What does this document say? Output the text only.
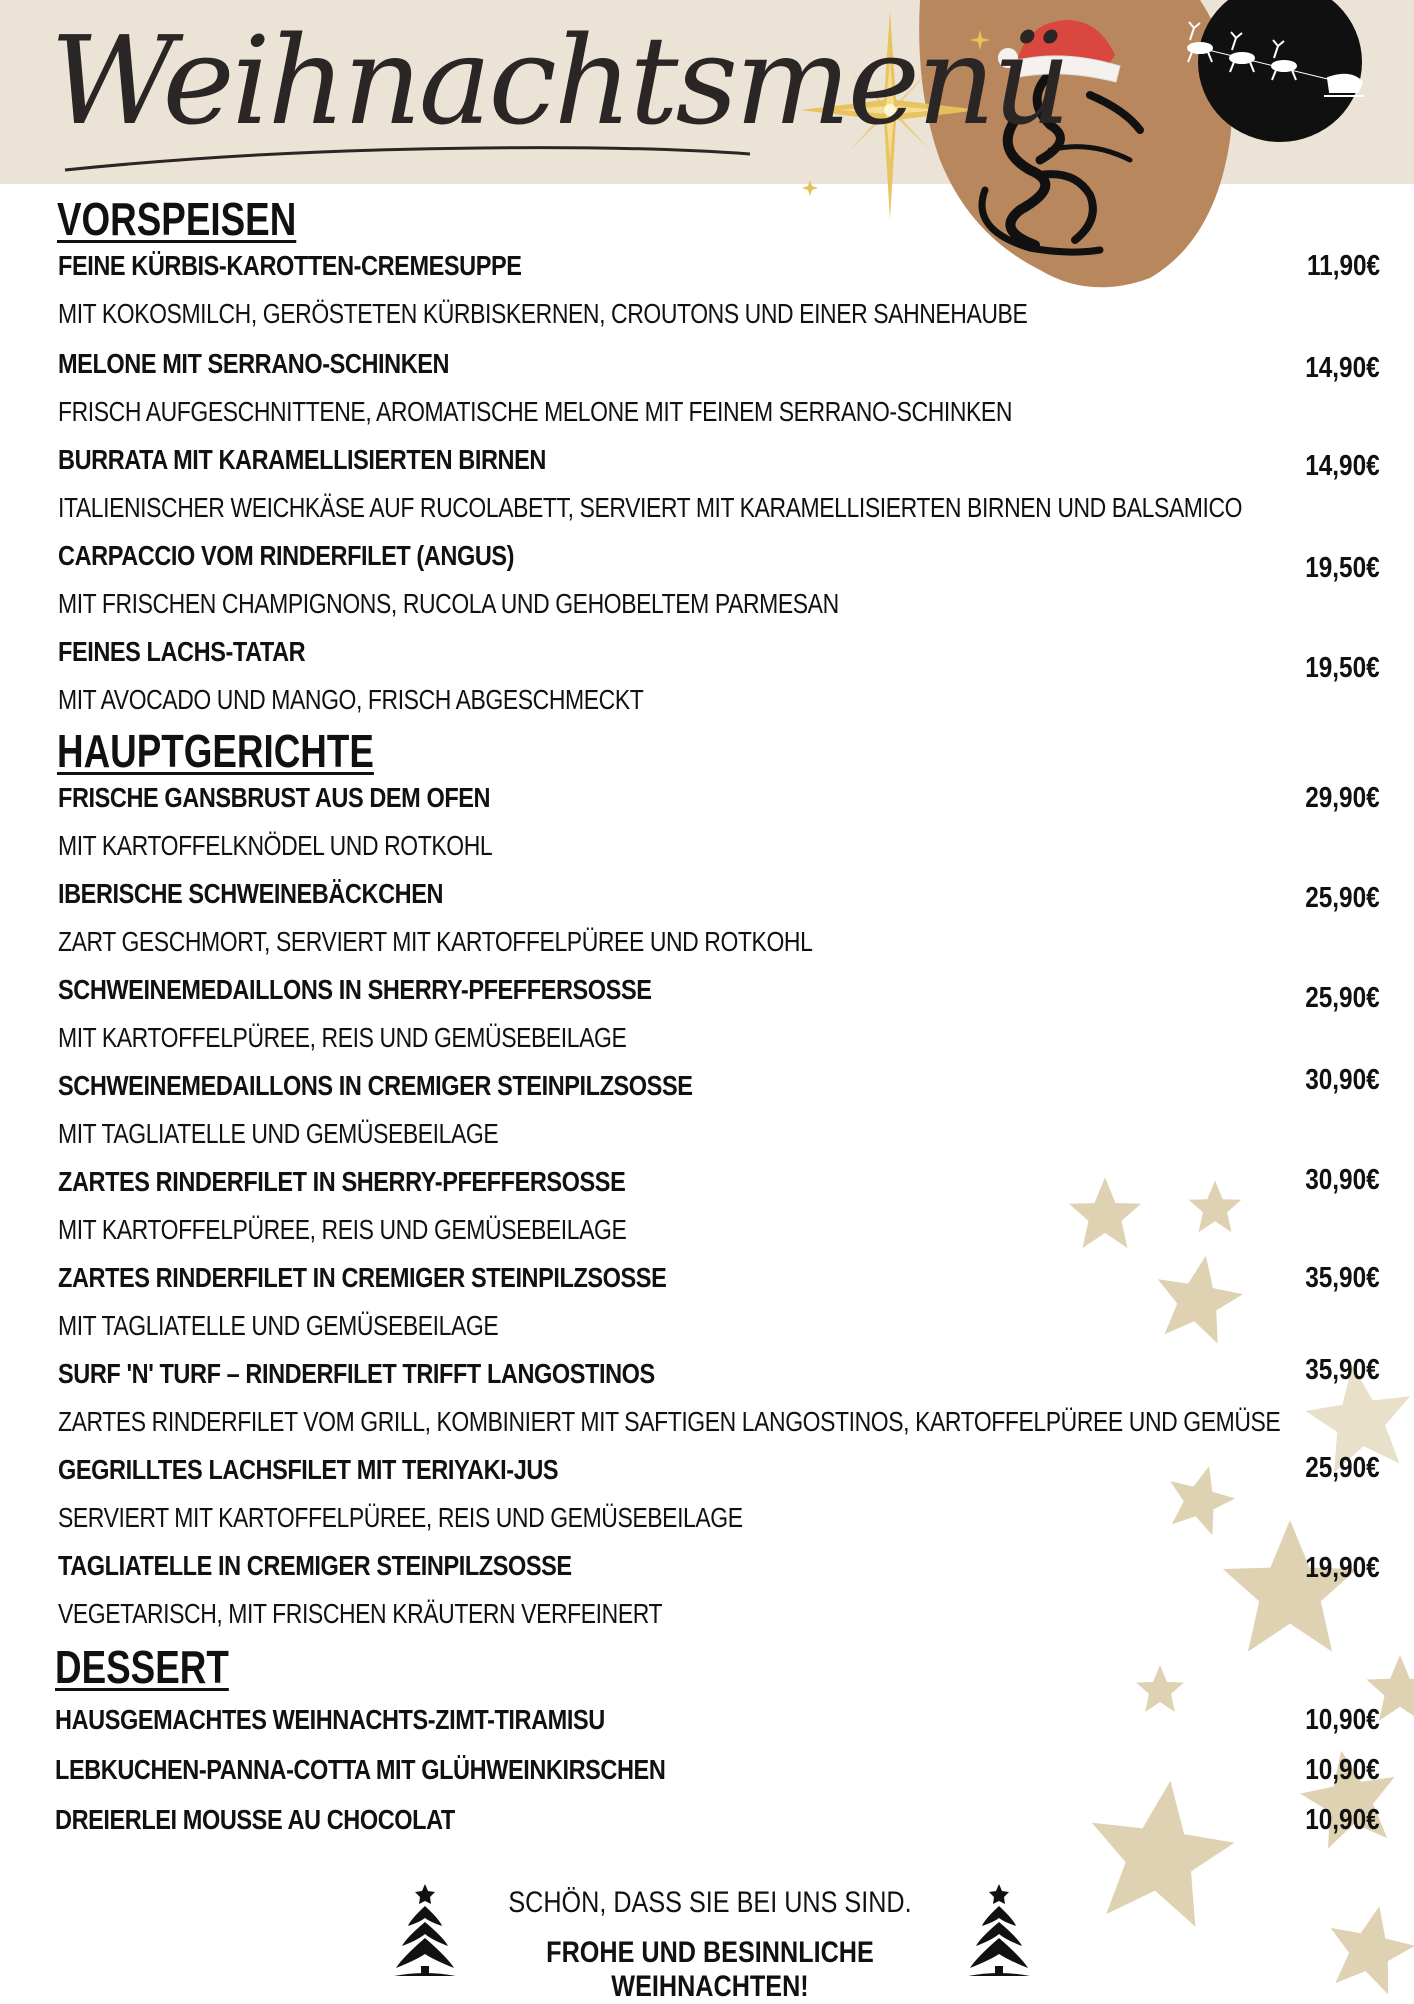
Weihnachtsmenü
VORSPEISEN
FEINE KÜRBIS-KAROTTEN-CREMESUPPE
MIT KOKOSMILCH, GERÖSTETEN KÜRBISKERNEN, CROUTONS UND EINER SAHNEHAUBE
11,90€
MELONE MIT SERRANO-SCHINKEN
FRISCH AUFGESCHNITTENE, AROMATISCHE MELONE MIT FEINEM SERRANO-SCHINKEN
14,90€
BURRATA MIT KARAMELLISIERTEN BIRNEN
ITALIENISCHER WEICHKÄSE AUF RUCOLABETT, SERVIERT MIT KARAMELLISIERTEN BIRNEN UND BALSAMICO
14,90€
CARPACCIO VOM RINDERFILET (ANGUS)
MIT FRISCHEN CHAMPIGNONS, RUCOLA UND GEHOBELTEM PARMESAN
19,50€
FEINES LACHS-TATAR
MIT AVOCADO UND MANGO, FRISCH ABGESCHMECKT
19,50€
HAUPTGERICHTE
FRISCHE GANSBRUST AUS DEM OFEN
MIT KARTOFFELKNÖDEL UND ROTKOHL
29,90€
IBERISCHE SCHWEINEBÄCKCHEN
ZART GESCHMORT, SERVIERT MIT KARTOFFELPÜREE UND ROTKOHL
25,90€
SCHWEINEMEDAILLONS IN SHERRY-PFEFFERSOSSE
MIT KARTOFFELPÜREE, REIS UND GEMÜSEBEILAGE
25,90€
SCHWEINEMEDAILLONS IN CREMIGER STEINPILZSOSSE
MIT TAGLIATELLE UND GEMÜSEBEILAGE
30,90€
ZARTES RINDERFILET IN SHERRY-PFEFFERSOSSE
MIT KARTOFFELPÜREE, REIS UND GEMÜSEBEILAGE
30,90€
ZARTES RINDERFILET IN CREMIGER STEINPILZSOSSE
MIT TAGLIATELLE UND GEMÜSEBEILAGE
35,90€
SURF 'N' TURF – RINDERFILET TRIFFT LANGOSTINOS
ZARTES RINDERFILET VOM GRILL, KOMBINIERT MIT SAFTIGEN LANGOSTINOS, KARTOFFELPÜREE UND GEMÜSE
35,90€
GEGRILLTES LACHSFILET MIT TERIYAKI-JUS
SERVIERT MIT KARTOFFELPÜREE, REIS UND GEMÜSEBEILAGE
25,90€
TAGLIATELLE IN CREMIGER STEINPILZSOSSE
VEGETARISCH, MIT FRISCHEN KRÄUTERN VERFEINERT
19,90€
DESSERT
HAUSGEMACHTES WEIHNACHTS-ZIMT-TIRAMISU	10,90€
LEBKUCHEN-PANNA-COTTA MIT GLÜHWEINKIRSCHEN	10,90€
DREIERLEI MOUSSE AU CHOCOLAT	10,90€
SCHÖN, DASS SIE BEI UNS SIND.
FROHE UND BESINNLICHE WEIHNACHTEN!
